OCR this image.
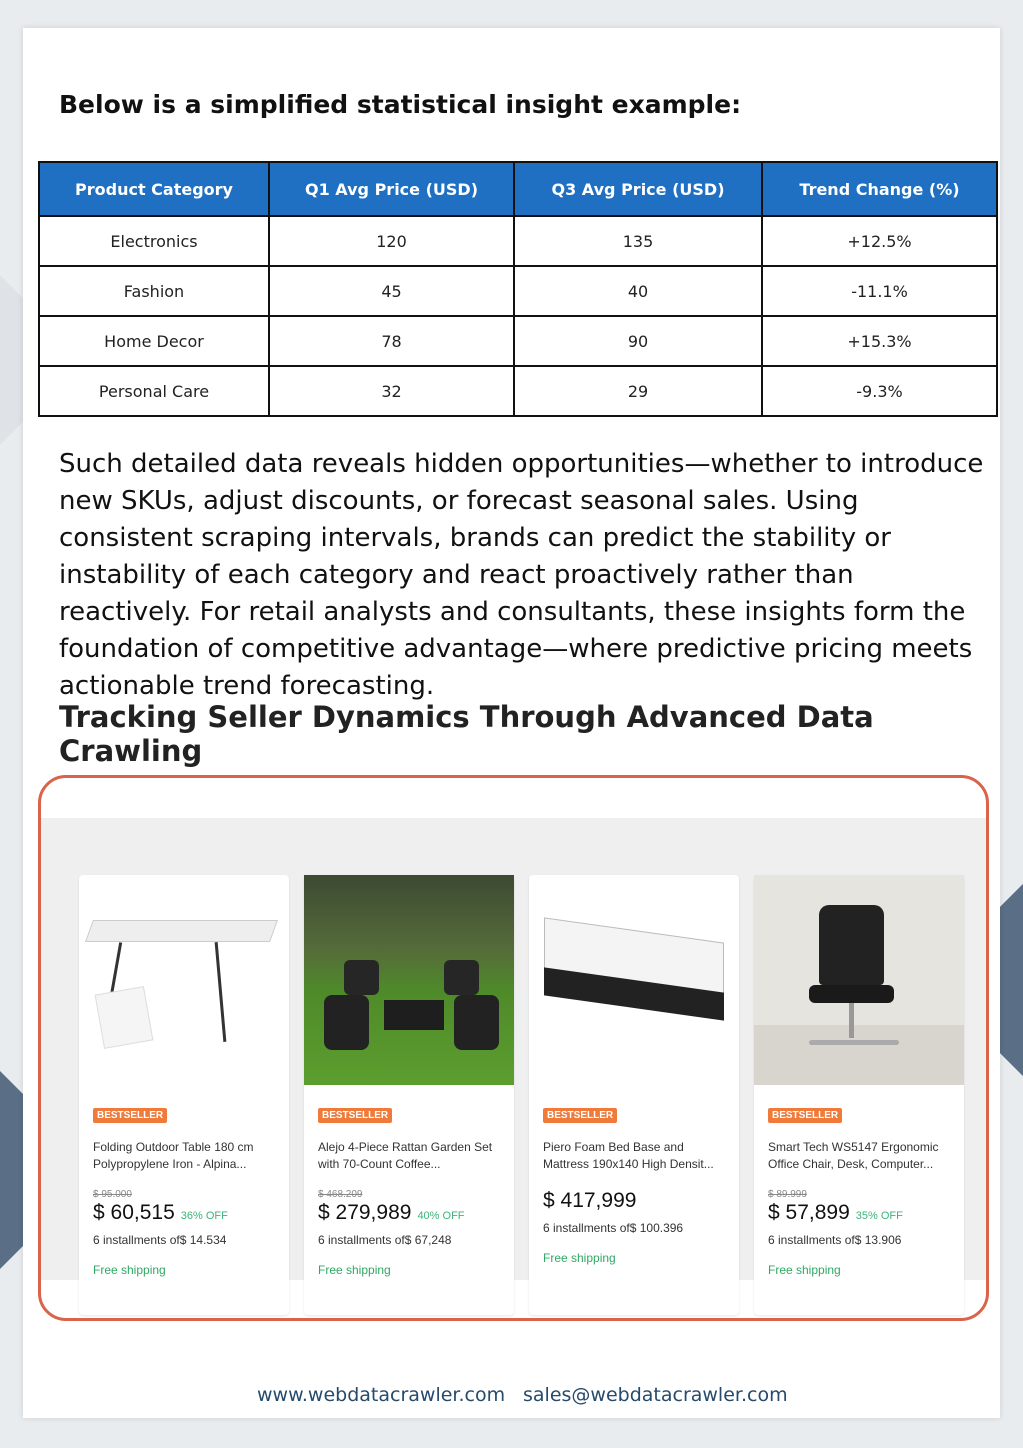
Below is a simplified statistical insight example:
Product Category	Q1 Avg Price (USD)	Q3 Avg Price (USD)	Trend Change (%)
Electronics	120	135	+12.5%
Fashion	45	40	-11.1%
Home Decor	78	90	+15.3%
Personal Care	32	29	-9.3%

Such detailed data reveals hidden opportunities—whether to introduce new SKUs, adjust discounts, or forecast seasonal sales. Using consistent scraping intervals, brands can predict the stability or instability of each category and react proactively rather than reactively. For retail analysts and consultants, these insights form the foundation of competitive advantage—where predictive pricing meets actionable trend forecasting.

Tracking Seller Dynamics Through Advanced Data Crawling
BESTSELLER
Folding Outdoor Table 180 cm Polypropylene Iron - Alpina...
$ 95.000
$ 60,515 36% OFF
6 installments of$ 14.534
Free shipping
BESTSELLER
Alejo 4-Piece Rattan Garden Set with 70-Count Coffee...
$ 468.209
$ 279,989 40% OFF
6 installments of$ 67,248
Free shipping
BESTSELLER
Piero Foam Bed Base and Mattress 190x140 High Densit...
$ 417,999
6 installments of$ 100.396
Free shipping
BESTSELLER
Smart Tech WS5147 Ergonomic Office Chair, Desk, Computer...
$ 89.999
$ 57,899 35% OFF
6 installments of$ 13.906
Free shipping
www.webdatacrawler.com sales@webdatacrawler.com
